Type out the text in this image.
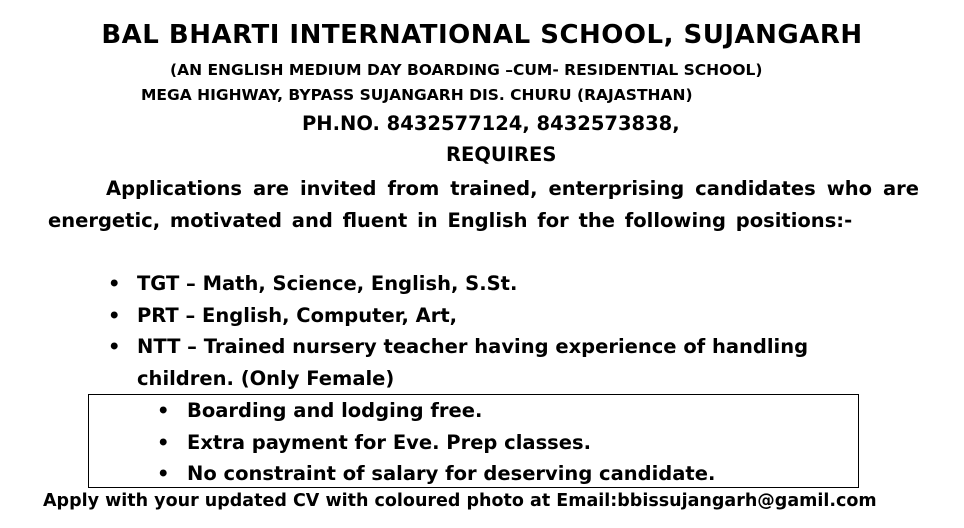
BAL BHARTI INTERNATIONAL SCHOOL, SUJANGARH
(AN ENGLISH MEDIUM DAY BOARDING –CUM- RESIDENTIAL SCHOOL)
MEGA HIGHWAY, BYPASS SUJANGARH DIS. CHURU (RAJASTHAN)
PH.NO. 8432577124, 8432573838,
REQUIRES
Applications are invited from trained, enterprising candidates who are energetic, motivated and fluent in English for the following positions:-
• TGT – Math, Science, English, S.St.
• PRT – English, Computer, Art,
• NTT – Trained nursery teacher having experience of handling children. (Only Female)
• Boarding and lodging free.
• Extra payment for Eve. Prep classes.
• No constraint of salary for deserving candidate.
Apply with your updated CV with coloured photo at Email:bbissujangarh@gamil.com
